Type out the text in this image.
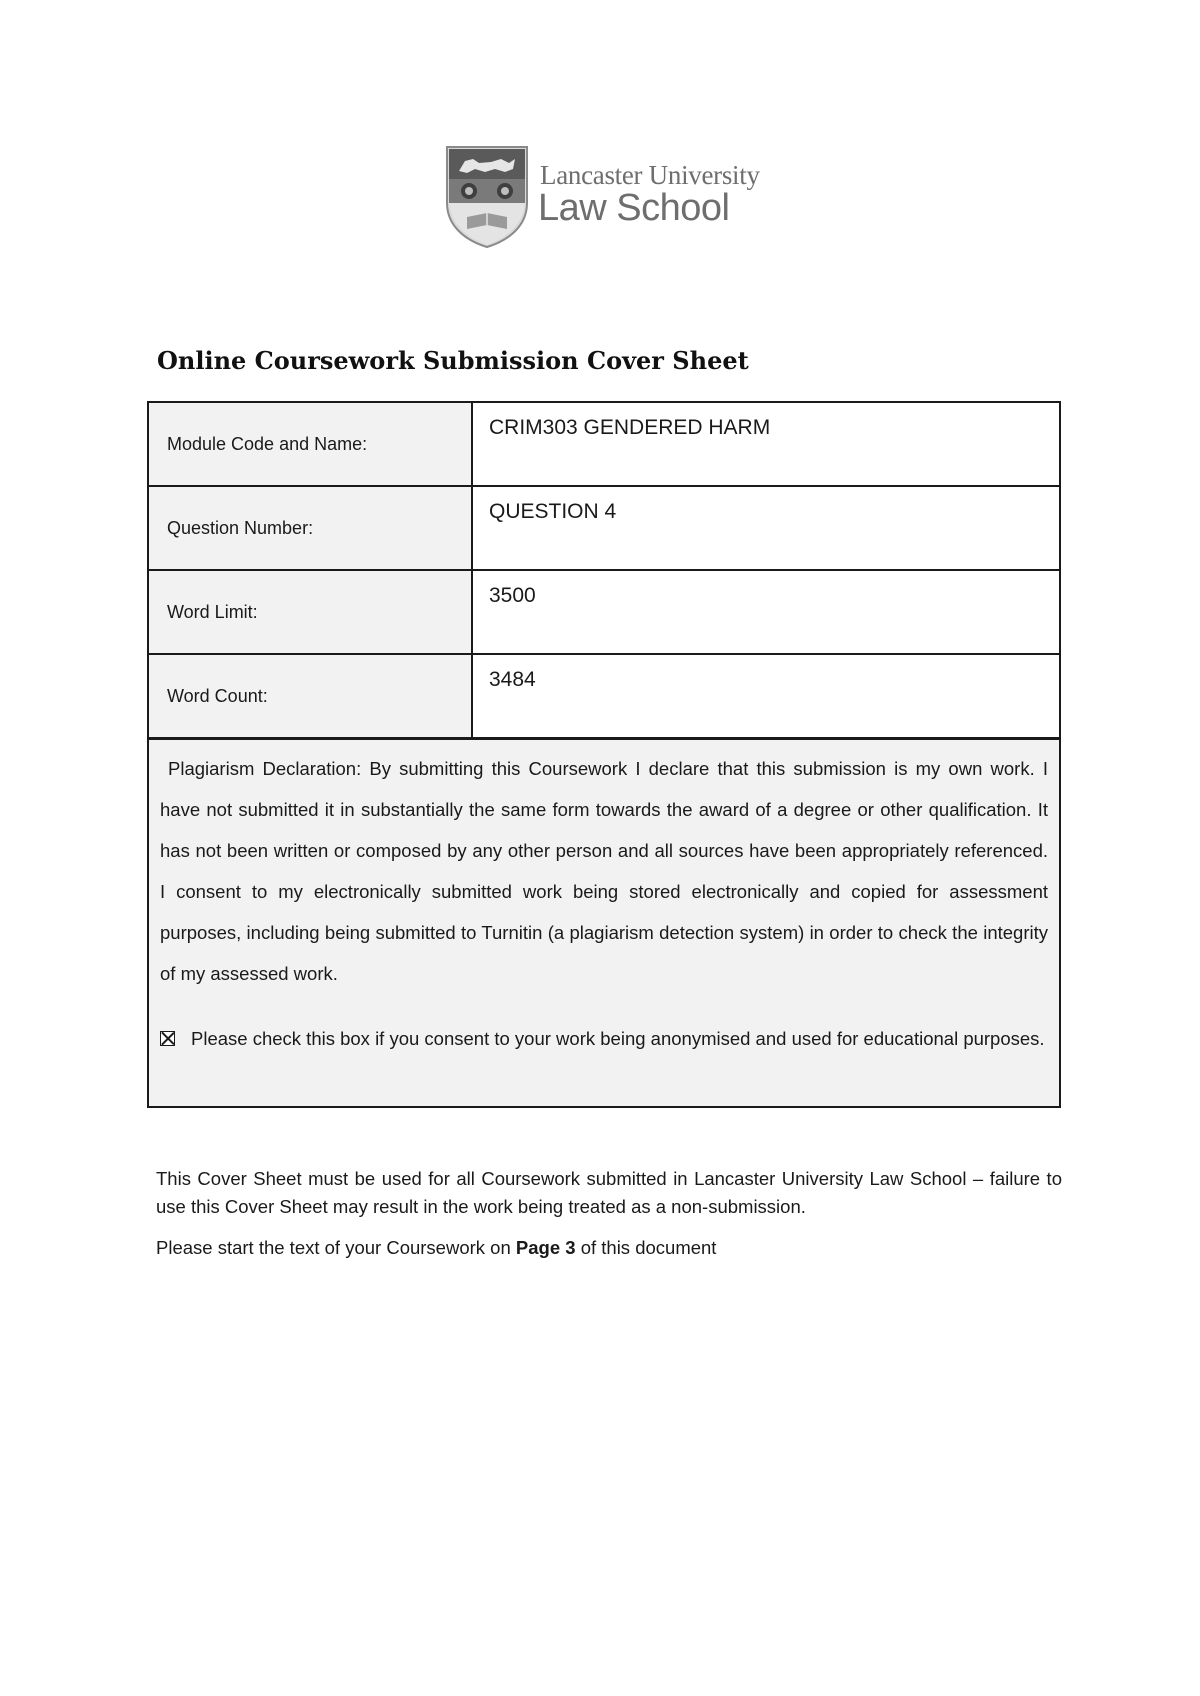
Lancaster University
Law School
Online Coursework Submission Cover Sheet
Module Code and Name:	CRIM303 GENDERED HARM
Question Number:	QUESTION 4
Word Limit:	3500
Word Count:	3484
Plagiarism Declaration: By submitting this Coursework I declare that this submission is my own work. I have not submitted it in substantially the same form towards the award of a degree or other qualification. It has not been written or composed by any other person and all sources have been appropriately referenced. I consent to my electronically submitted work being stored electronically and copied for assessment purposes, including being submitted to Turnitin (a plagiarism detection system) in order to check the integrity of my assessed work.
Please check this box if you consent to your work being anonymised and used for educational purposes.
This Cover Sheet must be used for all Coursework submitted in Lancaster University Law School – failure to use this Cover Sheet may result in the work being treated as a non-submission.
Please start the text of your Coursework on Page 3 of this document
